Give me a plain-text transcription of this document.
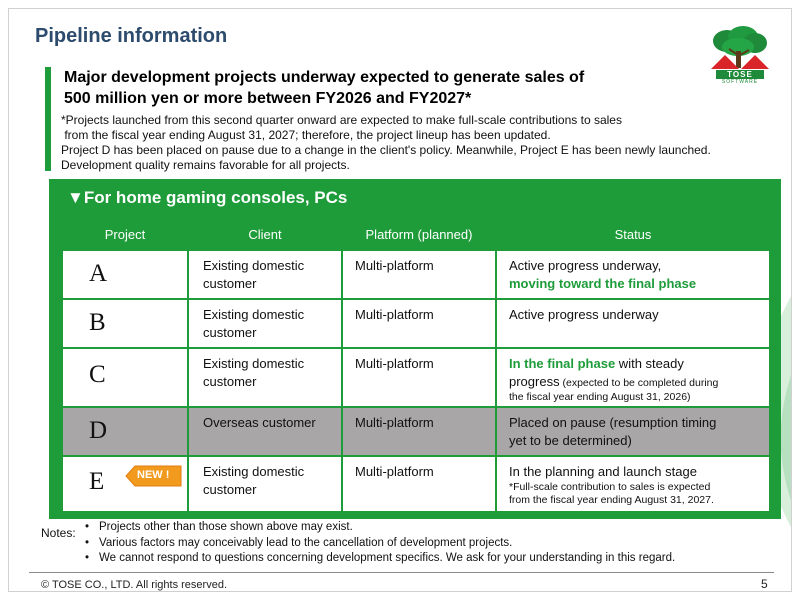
Pipeline information
TOSE
SOFTWARE
Major development projects underway expected to generate sales of
500 million yen or more between FY2026 and FY2027*
*Projects launched from this second quarter onward are expected to make full-scale contributions to sales
from the fiscal year ending August 31, 2027; therefore, the project lineup has been updated.
Project D has been placed on pause due to a change in the client's policy. Meanwhile, Project E has been newly launched.
Development quality remains favorable for all projects.
▼For home gaming consoles, PCs
Project	Client	Platform (planned)	Status
A	Existing domestic
customer
Multi-platform	Active progress underway,
moving toward the final phase
B	Existing domestic
customer
Multi-platform	Active progress underway
C	Existing domestic
customer
Multi-platform	In the final phase with steady
progress (expected to be completed during
the fiscal year ending August 31, 2026)
D	Overseas customer	Multi-platform	Placed on pause (resumption timing
yet to be determined)
E	NEW !	Existing domestic
customer
Multi-platform	In the planning and launch stage
*Full-scale contribution to sales is expected
from the fiscal year ending August 31, 2027.
Notes:
•	Projects other than those shown above may exist.
• Various factors may conceivably lead to the cancellation of development projects.
• We cannot respond to questions concerning development specifics. We ask for your understanding in this regard.
© TOSE CO., LTD. All rights reserved.	5
